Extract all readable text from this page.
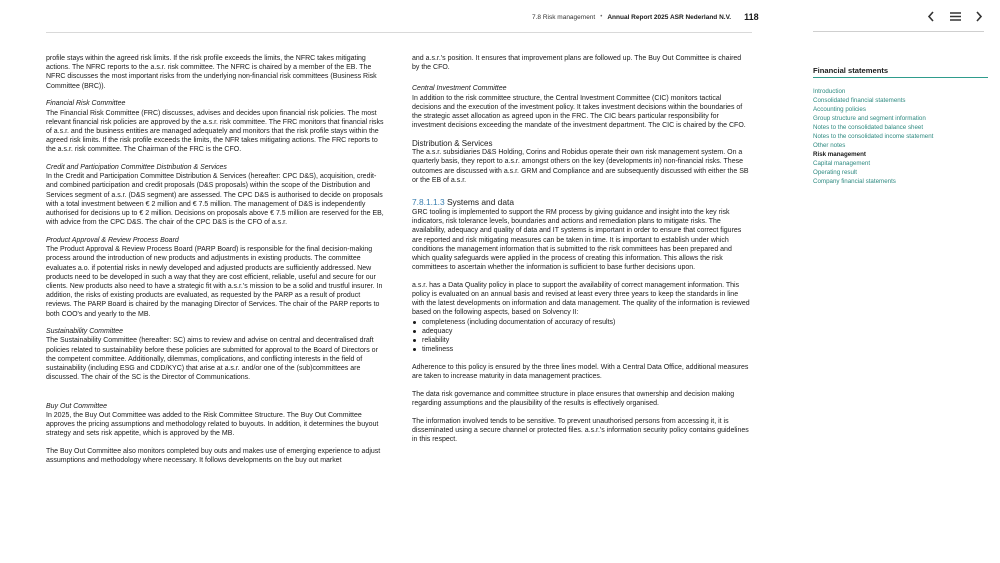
7.8 Risk management • Annual Report 2025 ASR Nederland N.V. 118

profile stays within the agreed risk limits. If the risk profile exceeds the limits, the NFRC takes mitigating actions. The NFRC reports to the a.s.r. risk committee. The NFRC is chaired by a member of the EB. The NFRC discusses the most important risks from the underlying non-financial risk committees (Business Risk Committee (BRC)).

Financial Risk Committee

The Financial Risk Committee (FRC) discusses, advises and decides upon financial risk policies. The most relevant financial risk policies are approved by the a.s.r. risk committee. The FRC monitors that financial risks of a.s.r. and the business entities are managed adequately and monitors that the risk profile stays within the agreed risk limits. If the risk profile exceeds the limits, the NFR takes mitigating actions. The FRC reports to the a.s.r. risk committee. The Chairman of the FRC is the CFO.

Credit and Participation Committee Distribution & Services

In the Credit and Participation Committee Distribution & Services (hereafter: CPC D&S), acquisition, credit- and combined participation and credit proposals (D&S proposals) within the scope of the Distribution and Services segment of a.s.r. (D&S segment) are assessed. The CPC D&S is authorised to decide on proposals with a total investment between € 2 million and € 7.5 million. The management of D&S is independently authorised for decisions up to € 2 million. Decisions on proposals above € 7.5 million are reserved for the EB, with advice from the CPC D&S. The chair of the CPC D&S is the CFO of a.s.r.

Product Approval & Review Process Board

The Product Approval & Review Process Board (PARP Board) is responsible for the final decision-making process around the introduction of new products and adjustments in existing products. The committee evaluates a.o. if potential risks in newly developed and adjusted products are sufficiently addressed. New products need to be developed in such a way that they are cost efficient, reliable, useful and secure for our clients. New products also need to have a strategic fit with a.s.r.'s mission to be a solid and trustful insurer. In addition, the risks of existing products are evaluated, as requested by the PARP as a result of product reviews. The PARP Board is chaired by the managing Director of Services. The chair of the PARP reports to both COO's and yearly to the MB.

Sustainability Committee

The Sustainability Committee (hereafter: SC) aims to review and advise on central and decentralised draft policies related to sustainability before these policies are submitted for approval to the Board of Directors or the competent committee. Additionally, dilemmas, complications, and conflicting interests in the field of sustainability (including ESG and CDD/KYC) that arise at a.s.r. and/or one of the (sub)committees are discussed. The chair of the SC is the Director of Communications.

Buy Out Committee

In 2025, the Buy Out Committee was added to the Risk Committee Structure. The Buy Out Committee approves the pricing assumptions and methodology related to buyouts. In addition, it determines the buyout strategy and sets risk appetite, which is approved by the MB.

The Buy Out Committee also monitors completed buy outs and makes use of emerging experience to adjust assumptions and methodology where necessary. It follows developments on the buy out market

and a.s.r.'s position. It ensures that improvement plans are followed up. The Buy Out Committee is chaired by the CFO.

Central Investment Committee

In addition to the risk committee structure, the Central Investment Committee (CIC) monitors tactical decisions and the execution of the investment policy. It takes investment decisions within the boundaries of the strategic asset allocation as agreed upon in the FRC. The CIC bears particular responsibility for investment decisions exceeding the mandate of the investment department. The CIC is chaired by the CFO.

Distribution & Services

The a.s.r. subsidiaries D&S Holding, Corins and Robidus operate their own risk management system. On a quarterly basis, they report to a.s.r. amongst others on the key (developments in) non-financial risks. These outcomes are discussed with a.s.r. GRM and Compliance and are subsequently discussed with either the SB or the EB of a.s.r.

7.8.1.1.3 Systems and data

GRC tooling is implemented to support the RM process by giving guidance and insight into the key risk indicators, risk tolerance levels, boundaries and actions and remediation plans to mitigate risks. The availability, adequacy and quality of data and IT systems is important in order to ensure that correct figures are reported and risk mitigating measures can be taken in time. It is important to establish under which conditions the management information that is submitted to the risk committees has been prepared and which quality safeguards were applied in the process of creating this information. This allows the risk committees to ascertain whether the information is sufficient to base further decisions upon.

a.s.r. has a Data Quality policy in place to support the availability of correct management information. This policy is evaluated on an annual basis and revised at least every three years to keep the standards in line with the latest developments on information and data management. The quality of the information is reviewed based on the following aspects, based on Solvency II:

completeness (including documentation of accuracy of results)
adequacy
reliability
timeliness

Adherence to this policy is ensured by the three lines model. With a Central Data Office, additional measures are taken to increase maturity in data management practices.

The data risk governance and committee structure in place ensures that ownership and decision making regarding assumptions and the plausibility of the results is effectively organised.

The information involved tends to be sensitive. To prevent unauthorised persons from accessing it, it is disseminated using a secure channel or protected files. a.s.r.'s information security policy contains guidelines in this respect.

Financial statements
Introduction
Consolidated financial statements
Accounting policies
Group structure and segment information
Notes to the consolidated balance sheet
Notes to the consolidated income statement
Other notes
Risk management
Capital management
Operating result
Company financial statements
